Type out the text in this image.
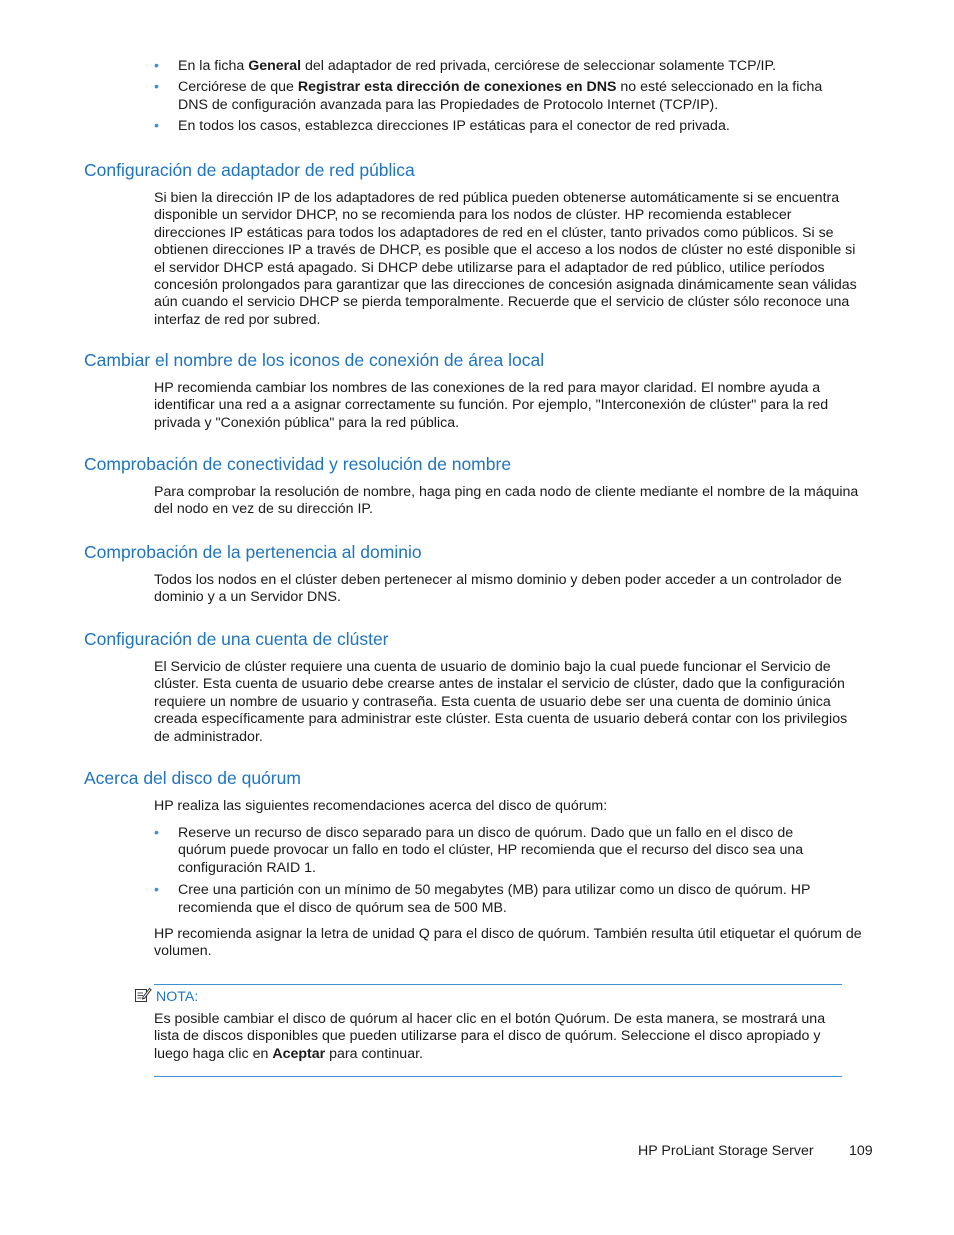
• En la ficha General del adaptador de red privada, cerciórese de seleccionar solamente TCP/IP.
• Cerciórese de que Registrar esta dirección de conexiones en DNS no esté seleccionado en la ficha DNS de configuración avanzada para las Propiedades de Protocolo Internet (TCP/IP).
• En todos los casos, establezca direcciones IP estáticas para el conector de red privada.
Configuración de adaptador de red pública

Si bien la dirección IP de los adaptadores de red pública pueden obtenerse automáticamente si se encuentra disponible un servidor DHCP, no se recomienda para los nodos de clúster. HP recomienda establecer direcciones IP estáticas para todos los adaptadores de red en el clúster, tanto privados como públicos. Si se obtienen direcciones IP a través de DHCP, es posible que el acceso a los nodos de clúster no esté disponible si el servidor DHCP está apagado. Si DHCP debe utilizarse para el adaptador de red público, utilice períodos concesión prolongados para garantizar que las direcciones de concesión asignada dinámicamente sean válidas aún cuando el servicio DHCP se pierda temporalmente. Recuerde que el servicio de clúster sólo reconoce una interfaz de red por subred.

Cambiar el nombre de los iconos de conexión de área local

HP recomienda cambiar los nombres de las conexiones de la red para mayor claridad. El nombre ayuda a identificar una red a a asignar correctamente su función. Por ejemplo, "Interconexión de clúster" para la red privada y "Conexión pública" para la red pública.

Comprobación de conectividad y resolución de nombre

Para comprobar la resolución de nombre, haga ping en cada nodo de cliente mediante el nombre de la máquina del nodo en vez de su dirección IP.

Comprobación de la pertenencia al dominio

Todos los nodos en el clúster deben pertenecer al mismo dominio y deben poder acceder a un controlador de dominio y a un Servidor DNS.

Configuración de una cuenta de clúster

El Servicio de clúster requiere una cuenta de usuario de dominio bajo la cual puede funcionar el Servicio de clúster. Esta cuenta de usuario debe crearse antes de instalar el servicio de clúster, dado que la configuración requiere un nombre de usuario y contraseña. Esta cuenta de usuario debe ser una cuenta de dominio única creada específicamente para administrar este clúster. Esta cuenta de usuario deberá contar con los privilegios de administrador.

Acerca del disco de quórum

HP realiza las siguientes recomendaciones acerca del disco de quórum:

• Reserve un recurso de disco separado para un disco de quórum. Dado que un fallo en el disco de quórum puede provocar un fallo en todo el clúster, HP recomienda que el recurso del disco sea una configuración RAID 1.
• Cree una partición con un mínimo de 50 megabytes (MB) para utilizar como un disco de quórum. HP recomienda que el disco de quórum sea de 500 MB.

HP recomienda asignar la letra de unidad Q para el disco de quórum. También resulta útil etiquetar el quórum de volumen.

NOTA:

Es posible cambiar el disco de quórum al hacer clic en el botón Quórum. De esta manera, se mostrará una lista de discos disponibles que pueden utilizarse para el disco de quórum. Seleccione el disco apropiado y luego haga clic en Aceptar para continuar.

HP ProLiant Storage Server 109
